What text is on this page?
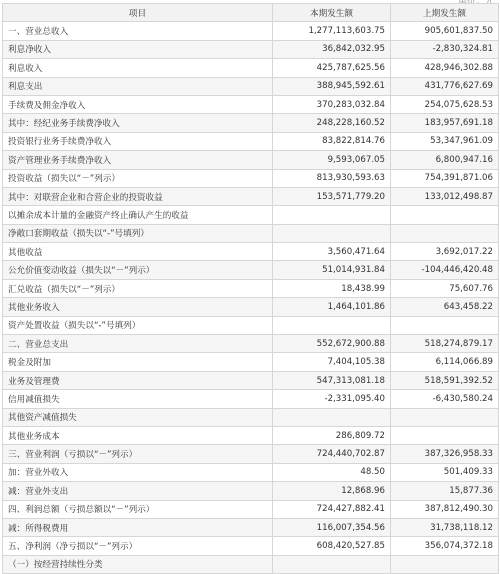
项目	本期发生额	上期发生额
一、营业总收入	1,277,113,603.75	905,601,837.50
利息净收入	36,842,032.95	-2,830,324.81
利息收入	425,787,625.56	428,946,302.88
利息支出	388,945,592.61	431,776,627.69
手续费及佣金净收入	370,283,032.84	254,075,628.53
其中：经纪业务手续费净收入	248,228,160.52	183,957,691.18
投资银行业务手续费净收入	83,822,814.76	53,347,961.09
资产管理业务手续费净收入	9,593,067.05	6,800,947.16
投资收益（损失以“－”列示）	813,930,593.63	754,391,871.06
其中：对联营企业和合营企业的投资收益	153,571,779.20	133,012,498.87
以摊余成本计量的金融资产终止确认产生的收益		
净敞口套期收益（损失以“-”号填列）		
其他收益	3,560,471.64	3,692,017.22
公允价值变动收益（损失以“－”列示）	51,014,931.84	-104,446,420.48
汇兑收益（损失以“－”列示）	18,438.99	75,607.76
其他业务收入	1,464,101.86	643,458.22
资产处置收益（损失以“-”号填列）		
二、营业总支出	552,672,900.88	518,274,879.17
税金及附加	7,404,105.38	6,114,066.89
业务及管理费	547,313,081.18	518,591,392.52
信用减值损失	-2,331,095.40	-6,430,580.24
其他资产减值损失		
其他业务成本	286,809.72	
三、营业利润（亏损以“－”列示）	724,440,702.87	387,326,958.33
加：营业外收入	48.50	501,409.33
减：营业外支出	12,868.96	15,877.36
四、利润总额（亏损总额以“－”列示）	724,427,882.41	387,812,490.30
减：所得税费用	116,007,354.56	31,738,118.12
五、净利润（净亏损以“－”列示）	608,420,527.85	356,074,372.18
（一）按经营持续性分类		
